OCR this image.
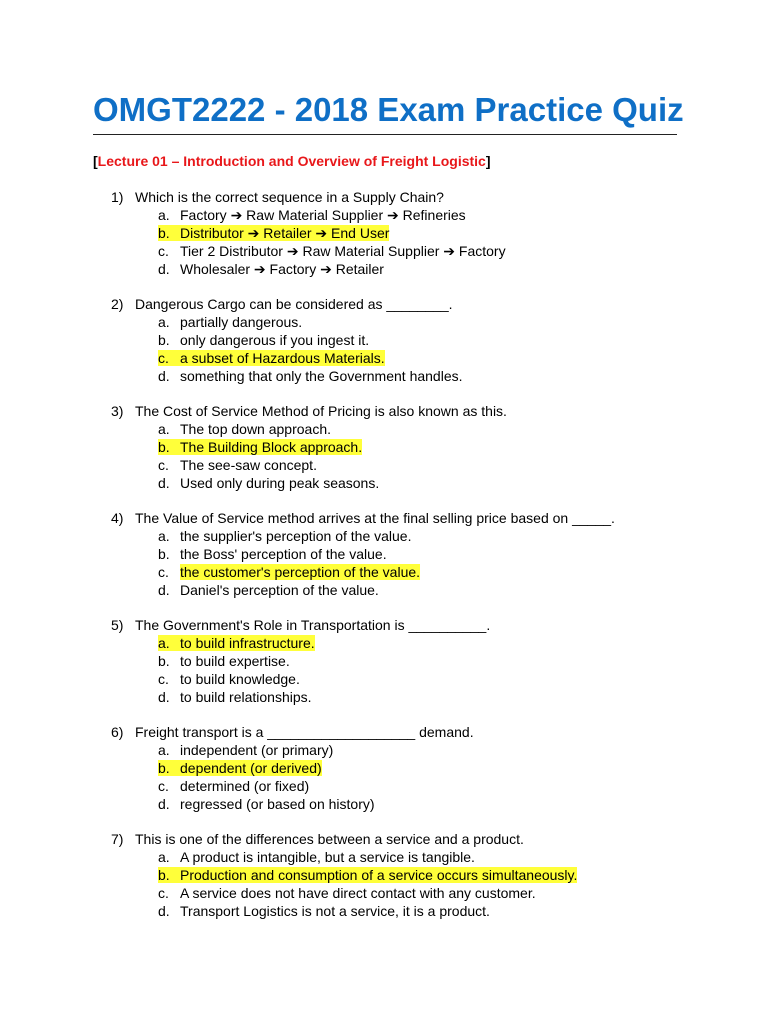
OMGT2222 - 2018 Exam Practice Quiz
[Lecture 01 – Introduction and Overview of Freight Logistic]
1) Which is the correct sequence in a Supply Chain?
a. Factory ➔ Raw Material Supplier ➔ Refineries
b. Distributor ➔ Retailer ➔ End User
c. Tier 2 Distributor ➔ Raw Material Supplier ➔ Factory
d. Wholesaler ➔ Factory ➔ Retailer
2) Dangerous Cargo can be considered as ________.
a. partially dangerous.
b. only dangerous if you ingest it.
c. a subset of Hazardous Materials.
d. something that only the Government handles.
3) The Cost of Service Method of Pricing is also known as this.
a. The top down approach.
b. The Building Block approach.
c. The see-saw concept.
d. Used only during peak seasons.
4) The Value of Service method arrives at the final selling price based on _____.
a. the supplier's perception of the value.
b. the Boss' perception of the value.
c. the customer's perception of the value.
d. Daniel's perception of the value.
5) The Government's Role in Transportation is __________.
a. to build infrastructure.
b. to build expertise.
c. to build knowledge.
d. to build relationships.
6) Freight transport is a ___________________ demand.
a. independent (or primary)
b. dependent (or derived)
c. determined (or fixed)
d. regressed (or based on history)
7) This is one of the differences between a service and a product.
a. A product is intangible, but a service is tangible.
b. Production and consumption of a service occurs simultaneously.
c. A service does not have direct contact with any customer.
d. Transport Logistics is not a service, it is a product.
